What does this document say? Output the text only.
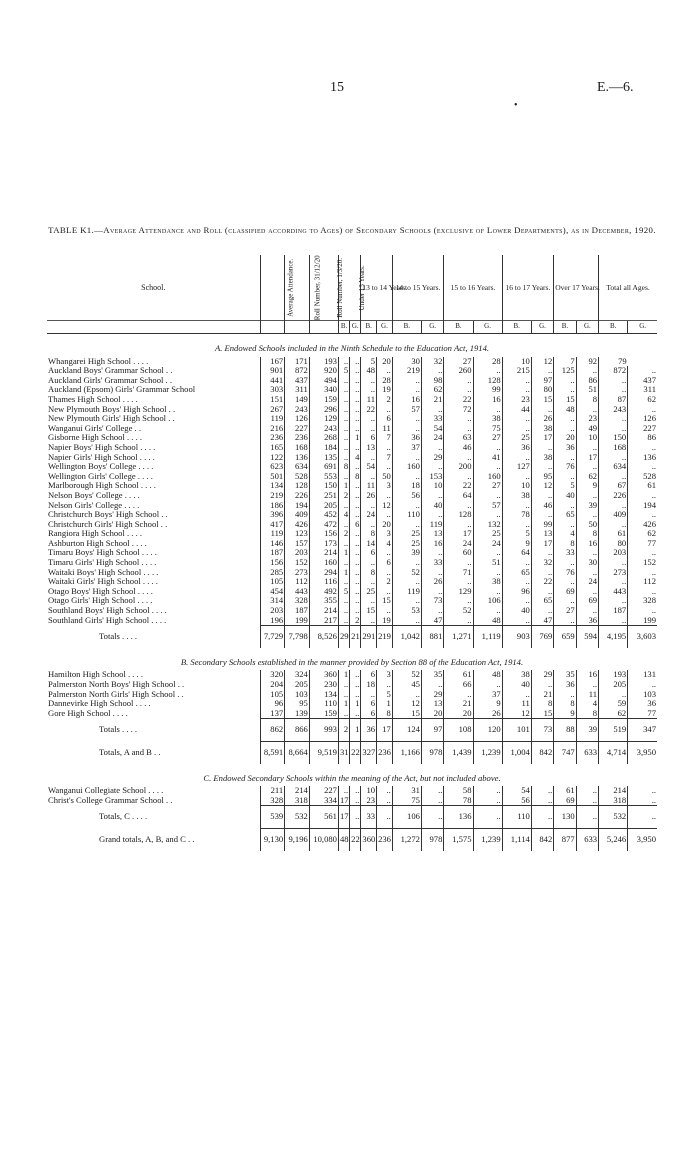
15	E.—6.
•
TABLE K1.—Average Attendance and Roll (classified according to Ages) of Secondary Schools (exclusive of Lower Departments), as in December, 1920.
School.	Average Attendance.	Roll Number, 31/12/20	Roll Number, 1/3/20.	Under 13 Years.		13 to 14 Years.		14 to 15 Years.		15 to 16 Years.		16 to 17 Years.		Over 17 Years.		Total all Ages.	
				B.	G.	B.	G.	B.	G.	B.	G.	B.	G.	B.	G.	B.	G.
A. Endowed Schools included in the Ninth Schedule to the Education Act, 1914.																	
Whangarei High School . . . .	167	171	193	..	..	5	20	30	32	27	28	10	12	7	92	79	
Auckland Boys' Grammar School . .	901	872	920	5	..	48	..	219	..	260	..	215	..	125	..	872	..
Auckland Girls' Grammar School . .	441	437	494	..	..	..	28	..	98	..	128	..	97	..	86	..	437
Auckland (Epsom) Girls' Grammar School	303	311	340	..	..	..	19	..	62	..	99	..	80	..	51	..	311
Thames High School . . . .	151	149	159	..	..	11	2	16	21	22	16	23	15	15	8	87	62
New Plymouth Boys' High School . .	267	243	296	..	..	22	..	57	..	72	..	44	..	48	..	243	..
New Plymouth Girls' High School . .	119	126	129	..	..	..	6	..	33	..	38	..	26	..	23	..	126
Wanganui Girls' College . .	216	227	243	..	..	..	11	..	54	..	75	..	38	..	49	..	227
Gisborne High School . . . .	236	236	268	..	1	6	7	36	24	63	27	25	17	20	10	150	86
Napier Boys' High School . . . .	165	168	184	..	..	13	..	37	..	46	..	36	..	36	..	168	..
Napier Girls' High School . . . .	122	136	135	..	4	..	7	..	29	..	41	..	38	..	17	..	136
Wellington Boys' College . . . .	623	634	691	8	..	54	..	160	..	200	..	127	..	76	..	634	..
Wellington Girls' College . . . .	501	528	553	..	8	..	50	..	153	..	160	..	95	..	62	..	528
Marlborough High School . . . .	134	128	150	1	..	11	3	18	10	22	27	10	12	5	9	67	61
Nelson Boys' College . . . .	219	226	251	2	..	26	..	56	..	64	..	38	..	40	..	226	..
Nelson Girls' College . . . .	186	194	205	..	..	..	12	..	40	..	57	..	46	..	39	..	194
Christchurch Boys' High School . .	396	409	452	4	..	24	..	110	..	128	..	78	..	65	..	409	..
Christchurch Girls' High School . .	417	426	472	..	6	..	20	..	119	..	132	..	99	..	50	..	426
Rangiora High School . . . .	119	123	156	2	..	8	3	25	13	17	25	5	13	4	8	61	62
Ashburton High School . . . .	146	157	173	..	..	14	4	25	16	24	24	9	17	8	16	80	77
Timaru Boys' High School . . . .	187	203	214	1	..	6	..	39	..	60	..	64	..	33	..	203	..
Timaru Girls' High School . . . .	156	152	160	..	..	..	6	..	33	..	51	..	32	..	30	..	152
Waitaki Boys' High School . . . .	285	273	294	1	..	8	..	52	..	71	..	65	..	76	..	273	..
Waitaki Girls' High School . . . .	105	112	116	..	..	..	2	..	26	..	38	..	22	..	24	..	112
Otago Boys' High School . . . .	454	443	492	5	..	25	..	119	..	129	..	96	..	69	..	443	..
Otago Girls' High School . . . .	314	328	355	..	..	..	15	..	73	..	106	..	65	..	69	..	328
Southland Boys' High School . . . .	203	187	214	..	..	15	..	53	..	52	..	40	..	27	..	187	..
Southland Girls' High School . . . .	196	199	217	..	2	..	19	..	47	..	48	..	47	..	36	..	199
Totals . . . .	7,729	7,798	8,526	29	21	291	219	1,042	881	1,271	1,119	903	769	659	594	4,195	3,603
B. Secondary Schools established in the manner provided by Section 88 of the Education Act, 1914.																	
Hamilton High School . . . .	320	324	360	1	..	6	3	52	35	61	48	38	29	35	16	193	131
Palmerston North Boys' High School . .	204	205	230	..	..	18	..	45	..	66	..	40	..	36	..	205	..
Palmerston North Girls' High School . .	105	103	134	..	..	..	5	..	29	..	37	..	21	..	11	..	103
Dannevirke High School . . . .	96	95	110	1	1	6	1	12	13	21	9	11	8	8	4	59	36
Gore High School . . . .	137	139	159	..	..	6	8	15	20	20	26	12	15	9	8	62	77
Totals . . . .	862	866	993	2	1	36	17	124	97	108	120	101	73	88	39	519	347
Totals, A and B . .	8,591	8,664	9,519	31	22	327	236	1,166	978	1,439	1,239	1,004	842	747	633	4,714	3,950
C. Endowed Secondary Schools within the meaning of the Act, but not included above.																	
Wanganui Collegiate School . . . .	211	214	227	..	..	10	..	31	..	58	..	54	..	61	..	214	..
Christ's College Grammar School . .	328	318	334	17	..	23	..	75	..	78	..	56	..	69	..	318	..
Totals, C . . . .	539	532	561	17	..	33	..	106	..	136	..	110	..	130	..	532	..
Grand totals, A, B, and C . .	9,130	9,196	10,080	48	22	360	236	1,272	978	1,575	1,239	1,114	842	877	633	5,246	3,950
